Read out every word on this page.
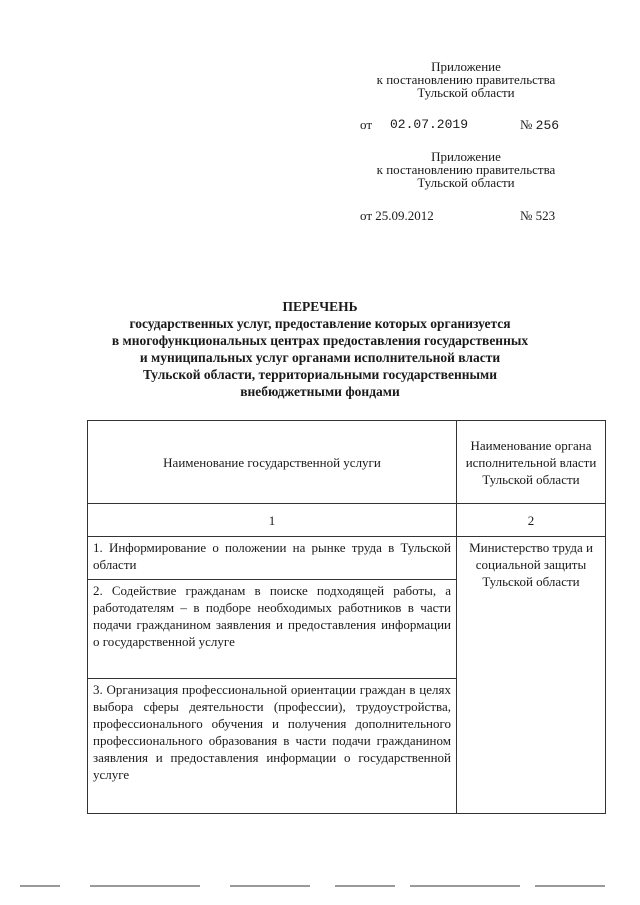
Приложение
к постановлению правительства
Тульской области
от 02.07.2019	№ 256
Приложение
к постановлению правительства
Тульской области
от 25.09.2012	№ 523
ПЕРЕЧЕНЬ
государственных услуг, предоставление которых организуется
в многофункциональных центрах предоставления государственных
и муниципальных услуг органами исполнительной власти
Тульской области, территориальными государственными
внебюджетными фондами
Наименование государственной услуги	Наименование органа исполнительной власти Тульской области
1	2
1. Информирование о положении на рынке труда в Тульской области	Министерство труда и социальной защиты Тульской области
2. Содействие гражданам в поиске подходящей работы, а работодателям – в подборе необходимых работников в части подачи гражданином заявления и предоставления информации о государственной услуге	
3. Организация профессиональной ориентации граждан в целях выбора сферы деятельности (профессии), трудоустройства, профессионального обучения и получения дополнительного профессионального образования в части подачи гражданином заявления и предоставления информации о государственной услуге	
